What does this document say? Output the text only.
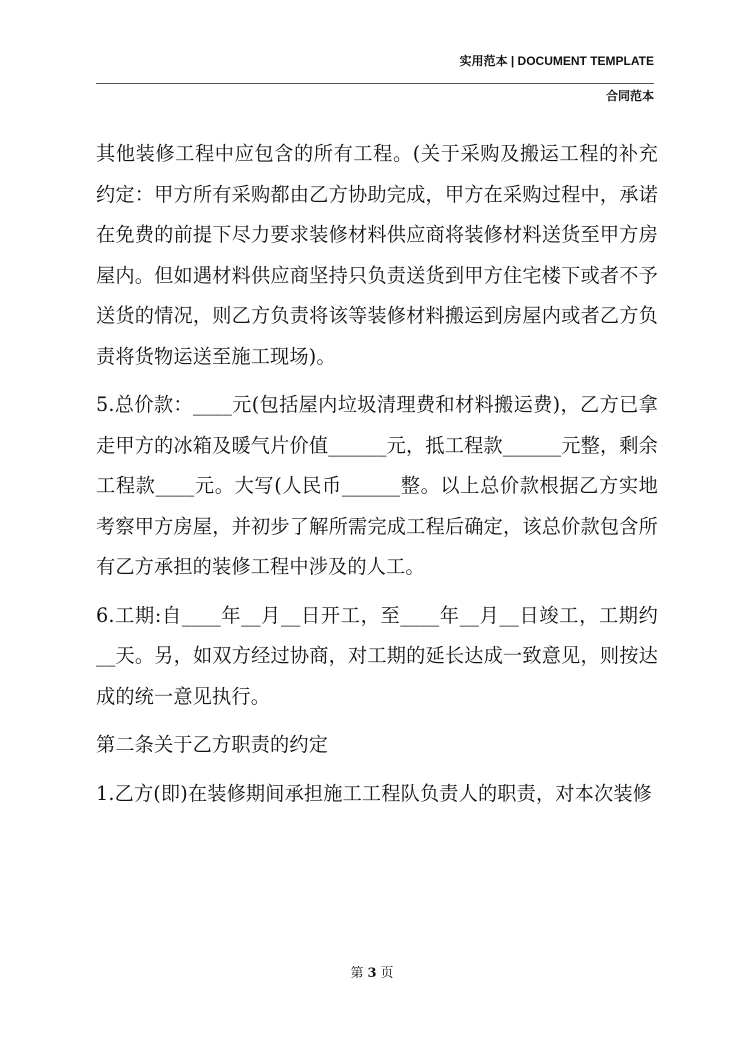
实用范本 | DOCUMENT TEMPLATE
合同范本

其他装修工程中应包含的所有工程。(关于采购及搬运工程的补充约定：甲方所有采购都由乙方协助完成，甲方在采购过程中，承诺在免费的前提下尽力要求装修材料供应商将装修材料送货至甲方房屋内。但如遇材料供应商坚持只负责送货到甲方住宅楼下或者不予送货的情况，则乙方负责将该等装修材料搬运到房屋内或者乙方负责将货物运送至施工现场)。

5.总价款：____元(包括屋内垃圾清理费和材料搬运费)，乙方已拿走甲方的冰箱及暖气片价值______元，抵工程款______元整，剩余工程款____元。大写(人民币______整。以上总价款根据乙方实地考察甲方房屋，并初步了解所需完成工程后确定，该总价款包含所有乙方承担的装修工程中涉及的人工。

6.工期:自____年__月__日开工，至____年__月__日竣工，工期约__天。另，如双方经过协商，对工期的延长达成一致意见，则按达成的统一意见执行。

第二条关于乙方职责的约定

1.乙方(即)在装修期间承担施工工程队负责人的职责，对本次装修

第 3 页
